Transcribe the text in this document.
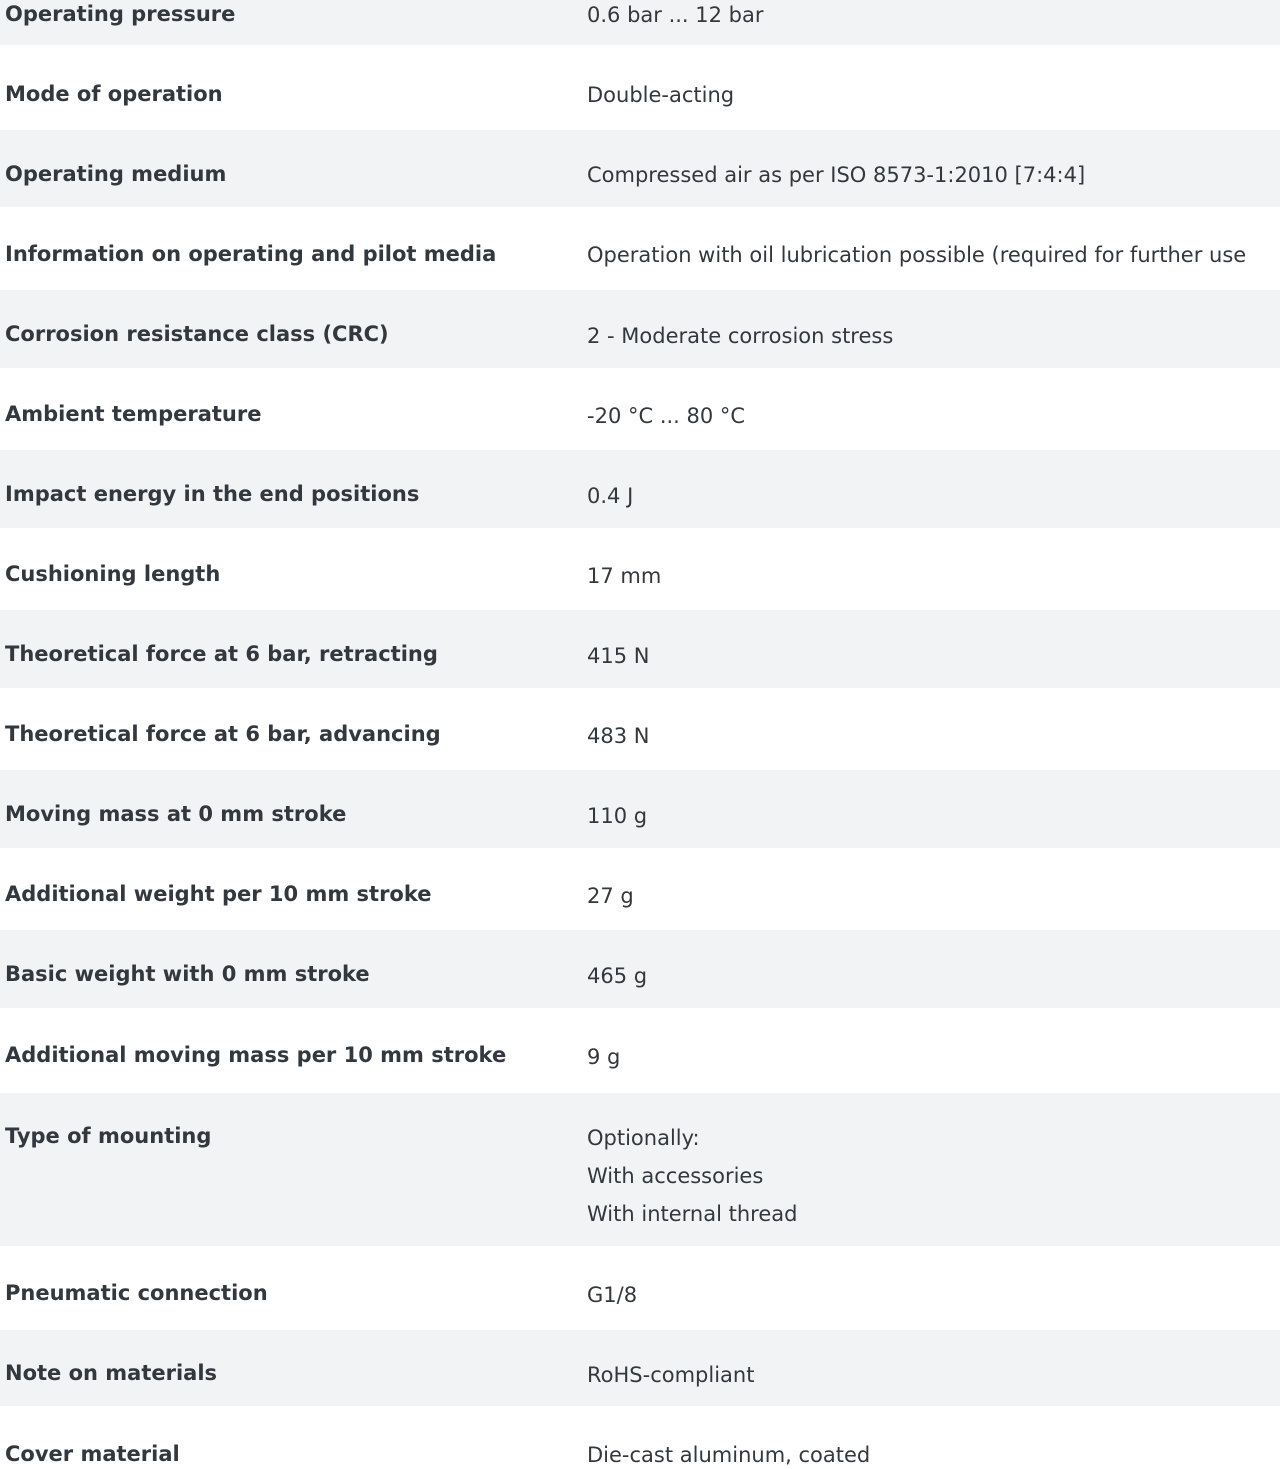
Operating pressure	0.6 bar ... 12 bar
Mode of operation	Double-acting
Operating medium	Compressed air as per ISO 8573-1:2010 [7:4:4]
Information on operating and pilot media	Operation with oil lubrication possible (required for further use
Corrosion resistance class (CRC)	2 - Moderate corrosion stress
Ambient temperature	-20 °C ... 80 °C
Impact energy in the end positions	0.4 J
Cushioning length	17 mm
Theoretical force at 6 bar, retracting	415 N
Theoretical force at 6 bar, advancing	483 N
Moving mass at 0 mm stroke	110 g
Additional weight per 10 mm stroke	27 g
Basic weight with 0 mm stroke	465 g
Additional moving mass per 10 mm stroke	9 g
Type of mounting	Optionally:
With accessories
With internal thread
Pneumatic connection	G1/8
Note on materials	RoHS-compliant
Cover material	Die-cast aluminum, coated
